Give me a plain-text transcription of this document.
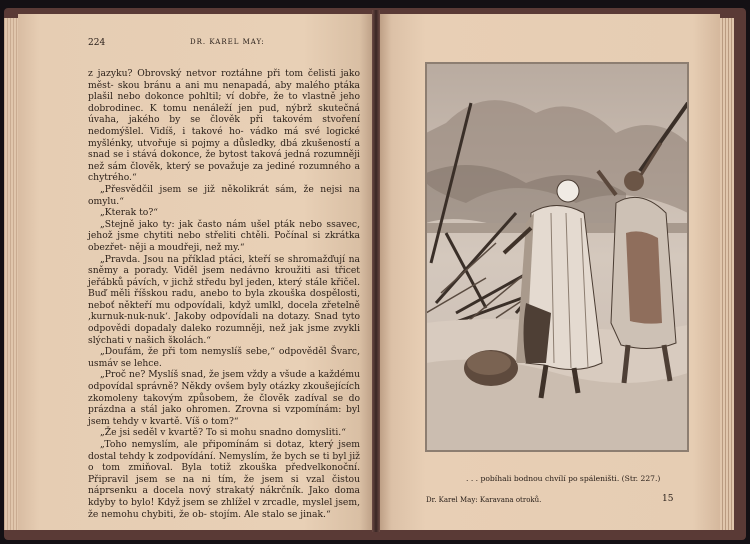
224	DR. KAREL MAY:

z jazyku? Obrovský netvor roztáhne při tom čelisti jako měst- skou bránu a ani mu nenapadá, aby malého ptáka plašil nebo dokonce pohltil; ví dobře, že to vlastně jeho dobrodinec. K tomu nenáleží jen pud, nýbrž skutečná úvaha, jakého by se člověk při takovém stvoření nedomýšlel. Vidíš, i takové ho- vádko má své logické myšlénky, utvořuje si pojmy a důsledky, dbá zkušeností a snad se i stává dokonce, že bytost taková jedná rozumněji než sám člověk, který se považuje za jediné rozumného a chytrého.“

„Přesvědčil jsem se již několikrát sám, že nejsi na omylu.“

„Kterak to?“

„Stejně jako ty: jak často nám ušel pták nebo ssavec, jehož jsme chytiti nebo střeliti chtěli. Počínal si zkrátka obezřet- něji a moudřeji, než my.“

„Pravda. Jsou na příklad ptáci, kteří se shromažďují na sněmy a porady. Viděl jsem nedávno kroužiti asi třicet jeřábků pávích, v jichž středu byl jeden, který stále křičel. Buď měli říšskou radu, anebo to byla zkouška dospělosti, neboť někteří mu odpovídali, když umlkl, docela zřetelně ‚kurnuk-nuk-nuk‘. Jakoby odpovídali na dotazy. Snad tyto odpovědi dopadaly daleko rozumněji, než jak jsme zvykli slýchati v našich školách.“

„Doufám, že při tom nemyslíš sebe,“ odpověděl Švarc, usmáv se lehce.

„Proč ne? Myslíš snad, že jsem vždy a všude a každému odpovídal správně? Někdy ovšem byly otázky zkoušejících zkomoleny takovým způsobem, že člověk zadíval se do prázdna a stál jako ohromen. Zrovna si vzpomínám: byl jsem tehdy v kvartě. Víš o tom?“

„Že jsi seděl v kvartě? To si mohu snadno domysliti.“

„Toho nemyslím, ale připomínám si dotaz, který jsem dostal tehdy k zodpovídání. Nemyslím, že bych se ti byl již o tom zmiňoval. Byla totiž zkouška předvelkonoční. Připravil jsem se na ni tím, že jsem si vzal čistou náprsenku a docela nový strakatý nákrčník. Jako doma kdyby to bylo! Když jsem se zhlížel v zrcadle, myslel jsem, že nemohu chybiti, že ob- stojím. Ale stalo se jinak.“

. . . pobíhali bodnou chvílí po spáleništi. (Str. 227.)
Dr. Karel May: Karavana otroků.	15
